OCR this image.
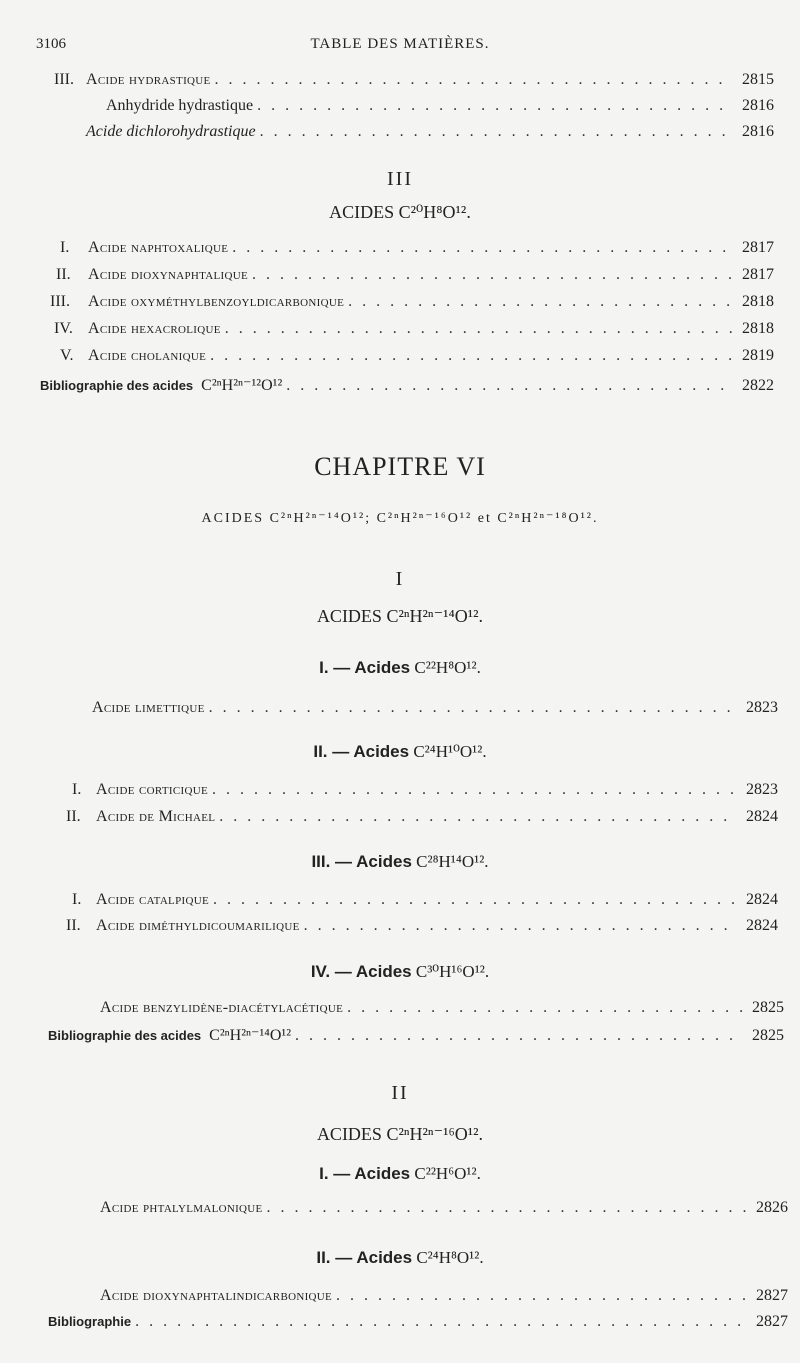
3106	TABLE DES MATIÈRES.
III. Acide hydrastique . . .	2815
Anhydride hydrastique . . .	2816
Acide dichlorohydrastique . . .	2816
III
ACIDES C²⁰H⁸O¹².
I.	Acide naphtoxalique . . .	2817
II.	Acide dioxynaphtalique . . .	2817
III.	Acide oxyméthylbenzoyldicarbonique . . .	2818
IV. Acide hexacrolique . . .	2818
V. Acide cholanique . . .	2819
Bibliographie des acides C²ⁿH²ⁿ⁻¹²O¹² . . .	2822
CHAPITRE VI
ACIDES C²ⁿH²ⁿ⁻¹⁴O¹²; C²ⁿH²ⁿ⁻¹⁶O¹² et C²ⁿH²ⁿ⁻¹⁸O¹².
I
ACIDES C²ⁿH²ⁿ⁻¹⁴O¹².
I. — Acides C²²H⁸O¹².
Acide limettique . . .	2823
II. — Acides C²⁴H¹⁰O¹².
I. Acide corticique . . .	2823
II. Acide de Michael . . .	2824
III. — Acides C²⁸H¹⁴O¹².
I. Acide catalpique . . .	2824
II. Acide diméthyldicoumarilique . . .	2824
IV. — Acides C³⁰H¹⁶O¹².
Acide benzylidène-diacétylacétique . . .	2825
Bibliographie des acides C²ⁿH²ⁿ⁻¹⁴O¹² . . .	2825
II
ACIDES C²ⁿH²ⁿ⁻¹⁶O¹².
I. — Acides C²²H⁶O¹².
Acide phtalylmalonique . . .	2826
II. — Acides C²⁴H⁸O¹².
Acide dioxynaphtalindicarbonique . . .	2827
Bibliographie . . .	2827
